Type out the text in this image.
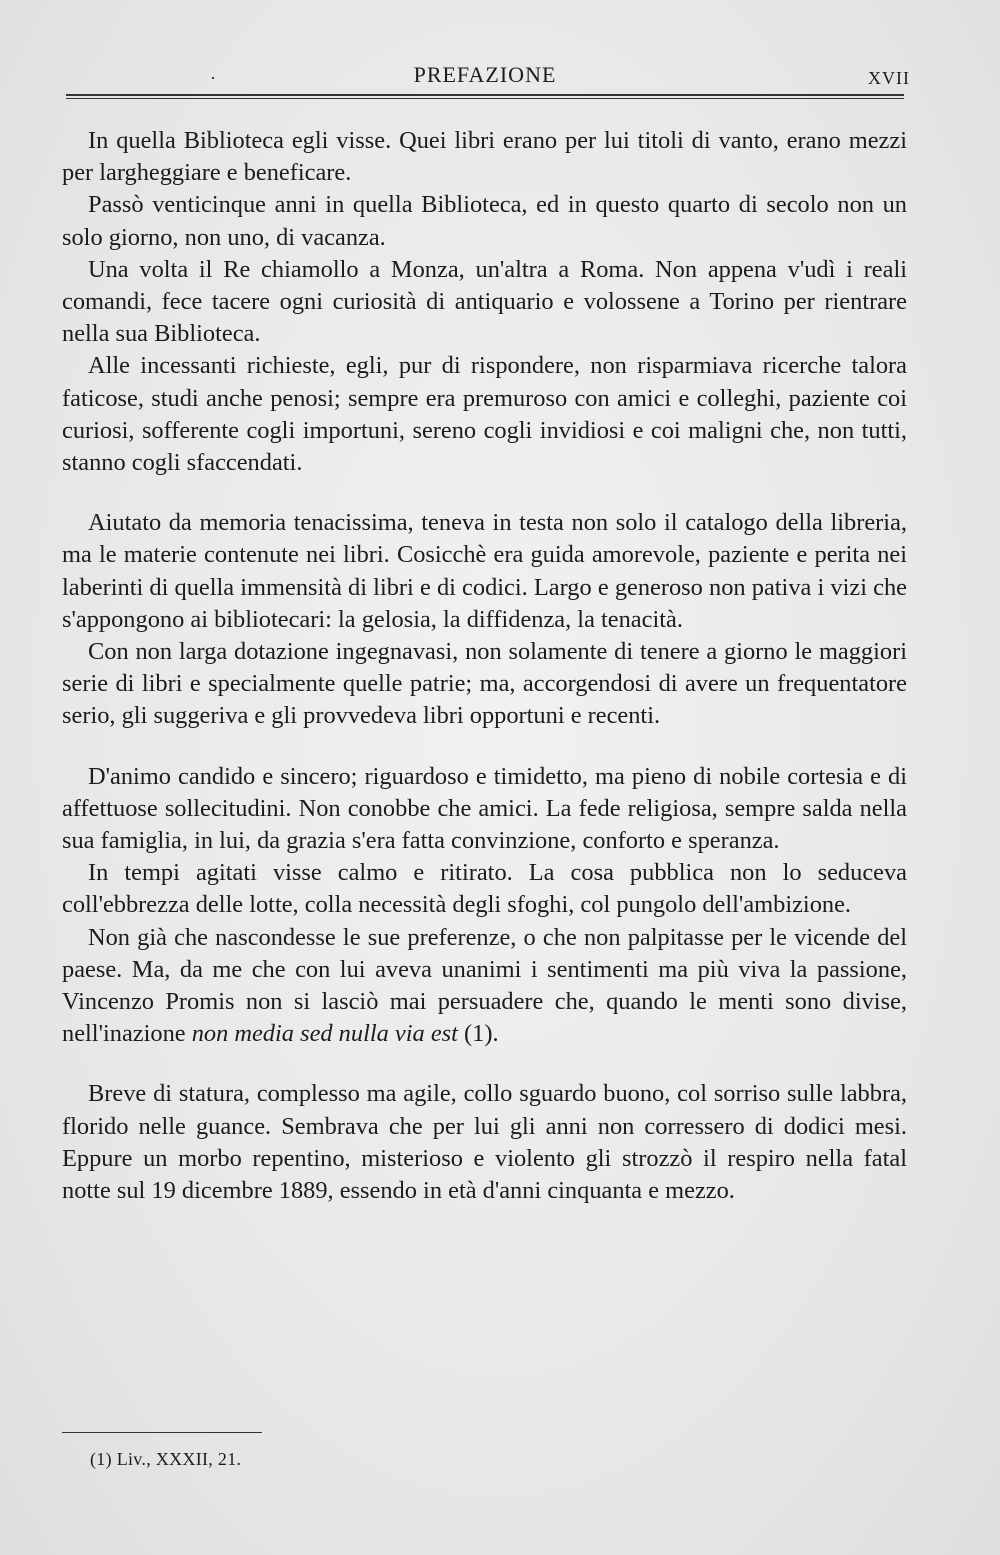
·	PREFAZIONE	XVII

In quella Biblioteca egli visse. Quei libri erano per lui titoli di vanto, erano mezzi per largheggiare e beneficare.

Passò venticinque anni in quella Biblioteca, ed in questo quarto di secolo non un solo giorno, non uno, di vacanza.

Una volta il Re chiamollo a Monza, un'altra a Roma. Non appena v'udì i reali comandi, fece tacere ogni curiosità di antiquario e volossene a Torino per rientrare nella sua Biblioteca.

Alle incessanti richieste, egli, pur di rispondere, non risparmiava ricerche talora faticose, studi anche penosi; sempre era premuroso con amici e colleghi, paziente coi curiosi, sofferente cogli importuni, sereno cogli invidiosi e coi maligni che, non tutti, stanno cogli sfaccendati.

Aiutato da memoria tenacissima, teneva in testa non solo il catalogo della libreria, ma le materie contenute nei libri. Cosicchè era guida amorevole, paziente e perita nei laberinti di quella immensità di libri e di codici. Largo e generoso non pativa i vizi che s'appongono ai bibliotecari: la gelosia, la diffidenza, la tenacità.

Con non larga dotazione ingegnavasi, non solamente di tenere a giorno le maggiori serie di libri e specialmente quelle patrie; ma, accorgendosi di avere un frequentatore serio, gli suggeriva e gli provvedeva libri opportuni e recenti.

D'animo candido e sincero; riguardoso e timidetto, ma pieno di nobile cortesia e di affettuose sollecitudini. Non conobbe che amici. La fede religiosa, sempre salda nella sua famiglia, in lui, da grazia s'era fatta convinzione, conforto e speranza.

In tempi agitati visse calmo e ritirato. La cosa pubblica non lo seduceva coll'ebbrezza delle lotte, colla necessità degli sfoghi, col pungolo dell'ambizione.

Non già che nascondesse le sue preferenze, o che non palpitasse per le vicende del paese. Ma, da me che con lui aveva unanimi i sentimenti ma più viva la passione, Vincenzo Promis non si lasciò mai persuadere che, quando le menti sono divise, nell'inazione non media sed nulla via est (1).

Breve di statura, complesso ma agile, collo sguardo buono, col sorriso sulle labbra, florido nelle guance. Sembrava che per lui gli anni non corressero di dodici mesi. Eppure un morbo repentino, misterioso e violento gli strozzò il respiro nella fatal notte sul 19 dicembre 1889, essendo in età d'anni cinquanta e mezzo.

(1) Liv., XXXII, 21.
